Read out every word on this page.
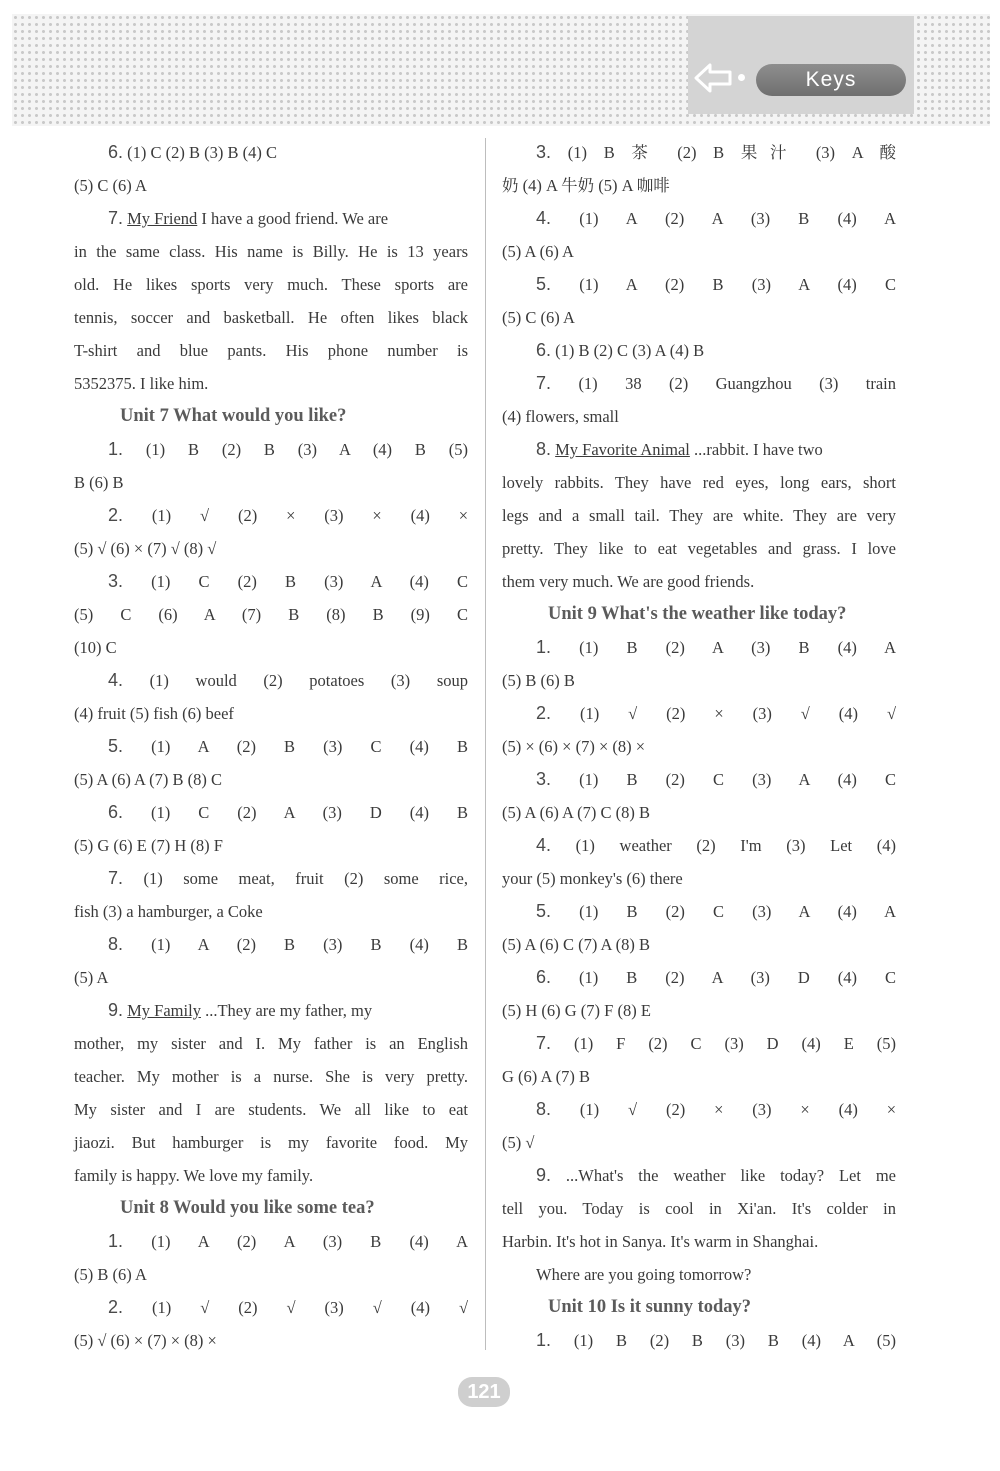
Keys
6. (1) C (2) B (3) B (4) C
(5) C (6) A
7. My Friend I have a good friend. We are
in the same class. His name is Billy. He is 13 years
old. He likes sports very much. These sports are
tennis, soccer and basketball. He often likes black
T-shirt and blue pants. His phone number is
5352375. I like him.
Unit 7 What would you like?
1. (1) B (2) B (3) A (4) B (5)
B (6) B
2. (1) √ (2) × (3) × (4) ×
(5) √ (6) × (7) √ (8) √
3. (1) C (2) B (3) A (4) C
(5) C (6) A (7) B (8) B (9) C
(10) C
4. (1) would (2) potatoes (3) soup
(4) fruit (5) fish (6) beef
5. (1) A (2) B (3) C (4) B
(5) A (6) A (7) B (8) C
6. (1) C (2) A (3) D (4) B
(5) G (6) E (7) H (8) F
7. (1) some meat, fruit (2) some rice,
fish (3) a hamburger, a Coke
8. (1) A (2) B (3) B (4) B
(5) A
9. My Family ...They are my father, my
mother, my sister and I. My father is an English
teacher. My mother is a nurse. She is very pretty.
My sister and I are students. We all like to eat
jiaozi. But hamburger is my favorite food. My
family is happy. We love my family.
Unit 8 Would you like some tea?
1. (1) A (2) A (3) B (4) A
(5) B (6) A
2. (1) √ (2) √ (3) √ (4) √
(5) √ (6) × (7) × (8) ×
3. (1) B 茶 (2) B 果汁 (3) A 酸
奶 (4) A 牛奶 (5) A 咖啡
4. (1) A (2) A (3) B (4) A
(5) A (6) A
5. (1) A (2) B (3) A (4) C
(5) C (6) A
6. (1) B (2) C (3) A (4) B
7. (1) 38 (2) Guangzhou (3) train
(4) flowers, small
8. My Favorite Animal ...rabbit. I have two
lovely rabbits. They have red eyes, long ears, short
legs and a small tail. They are white. They are very
pretty. They like to eat vegetables and grass. I love
them very much. We are good friends.
Unit 9 What's the weather like today?
1. (1) B (2) A (3) B (4) A
(5) B (6) B
2. (1) √ (2) × (3) √ (4) √
(5) × (6) × (7) × (8) ×
3. (1) B (2) C (3) A (4) C
(5) A (6) A (7) C (8) B
4. (1) weather (2) I'm (3) Let (4)
your (5) monkey's (6) there
5. (1) B (2) C (3) A (4) A
(5) A (6) C (7) A (8) B
6. (1) B (2) A (3) D (4) C
(5) H (6) G (7) F (8) E
7. (1) F (2) C (3) D (4) E (5)
G (6) A (7) B
8. (1) √ (2) × (3) × (4) ×
(5) √
9. ...What's the weather like today? Let me
tell you. Today is cool in Xi'an. It's colder in
Harbin. It's hot in Sanya. It's warm in Shanghai.
Where are you going tomorrow?
Unit 10 Is it sunny today?
1. (1) B (2) B (3) B (4) A (5)
121
